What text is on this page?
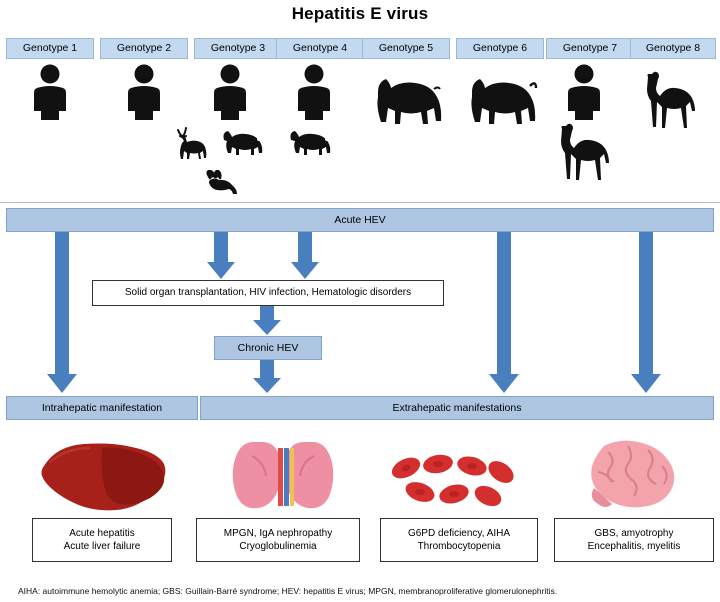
Hepatitis E virus
Genotype 1	Genotype 2	Genotype 3	Genotype 4	Genotype 5	Genotype 6	Genotype 7	Genotype 8
Acute HEV
Solid organ transplantation, HIV infection, Hematologic disorders
Chronic HEV
Intrahepatic manifestation	Extrahepatic manifestations
Acute hepatitis
Acute liver failure
MPGN, IgA nephropathy
Cryoglobulinemia
G6PD deficiency, AIHA
Thrombocytopenia
GBS, amyotrophy
Encephalitis, myelitis
AIHA: autoimmune hemolytic anemia; GBS: Guillain-Barré syndrome; HEV: hepatitis E virus; MPGN, membranoproliferative glomerulonephritis.
